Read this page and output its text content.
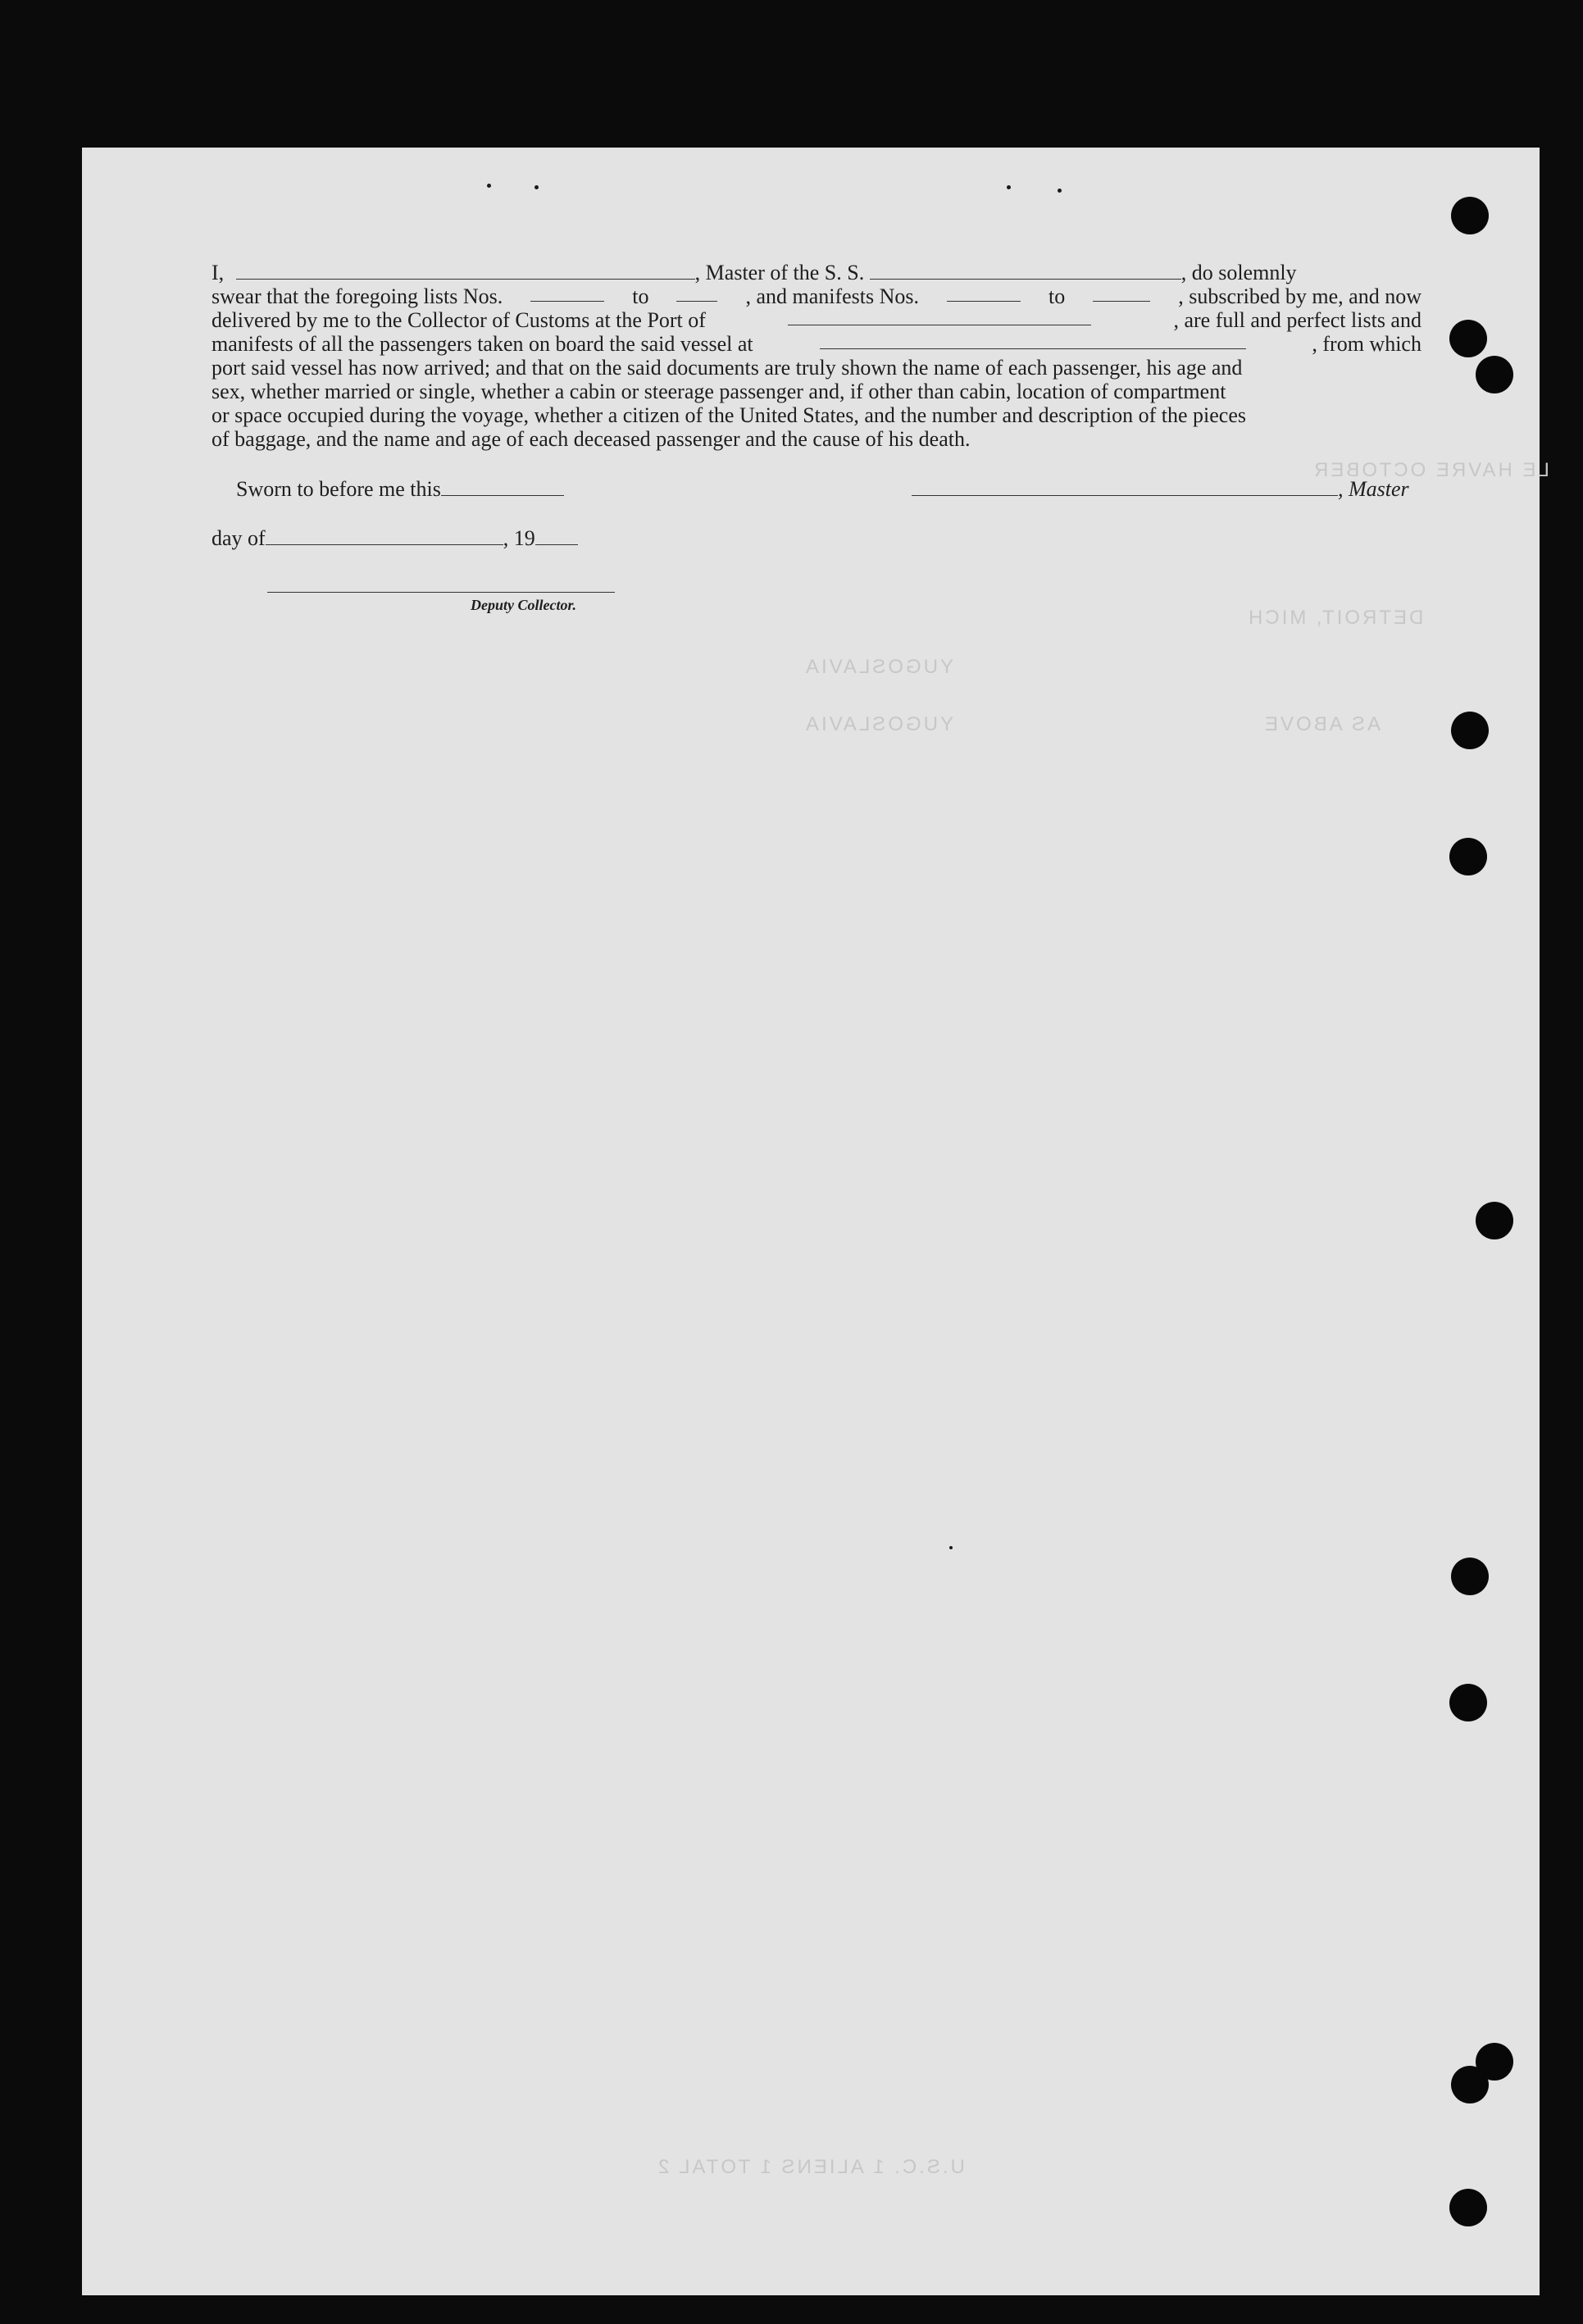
LE HAVRE OCTOBER
DETROIT, MICH
YUGOSLAVIA
AS ABOVE
YUGOSLAVIA
U.S.C. 1 ALIENS 1 TOTAL 2
I,	, Master of the S. S.	, do solemnly
swear that the foregoing lists Nos.	to	, and manifests Nos.	to	, subscribed by me, and now
delivered by me to the Collector of Customs at the Port of	, are full and perfect lists and
manifests of all the passengers taken on board the said vessel at	, from which
port said vessel has now arrived; and that on the said documents are truly shown the name of each passenger, his age and
sex, whether married or single, whether a cabin or steerage passenger and, if other than cabin, location of compartment
or space occupied during the voyage, whether a citizen of the United States, and the number and description of the pieces
of baggage, and the name and age of each deceased passenger and the cause of his death.
Sworn to before me this	, Master
day of	, 19
Deputy Collector.
